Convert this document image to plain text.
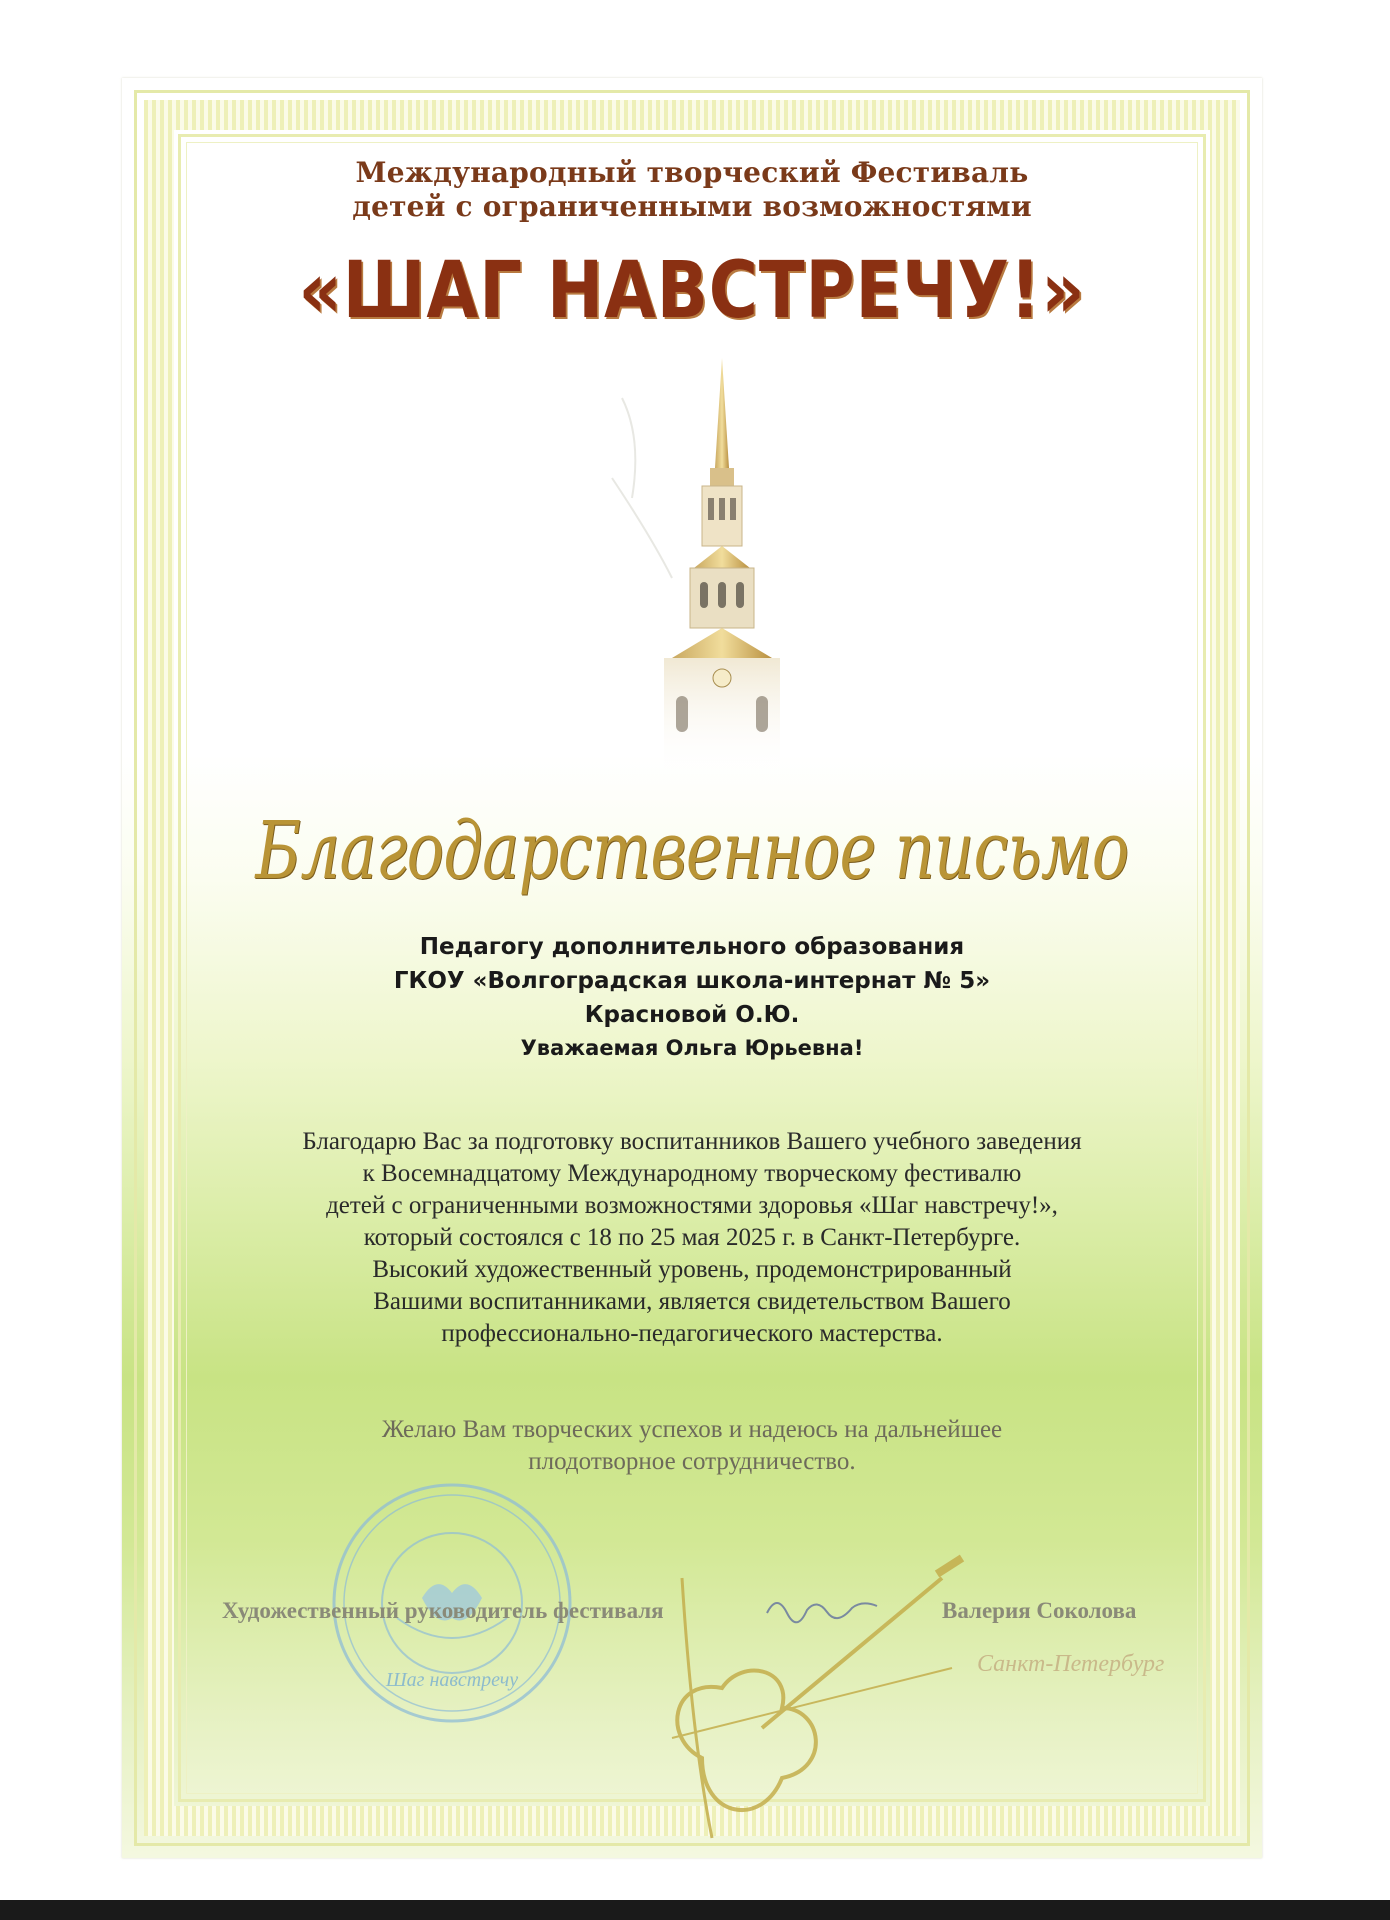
Международный творческий Фестиваль
детей с ограниченными возможностями
«ШАГ НАВСТРЕЧУ!»
Благодарственное письмо
Педагогу дополнительного образования
ГКОУ «Волгоградская школа-интернат № 5»
Красновой О.Ю.
Уважаемая Ольга Юрьевна!
Благодарю Вас за подготовку воспитанников Вашего учебного заведения
к Восемнадцатому Международному творческому фестивалю
детей с ограниченными возможностями здоровья «Шаг навстречу!»,
который состоялся с 18 по 25 мая 2025 г. в Санкт-Петербурге.
Высокий художественный уровень, продемонстрированный
Вашими воспитанниками, является свидетельством Вашего
профессионально-педагогического мастерства.
Желаю Вам творческих успехов и надеюсь на дальнейшее
плодотворное сотрудничество.
Шаг навстречу
Художественный руководитель фестиваля	Валерия Соколова
Санкт-Петербург
